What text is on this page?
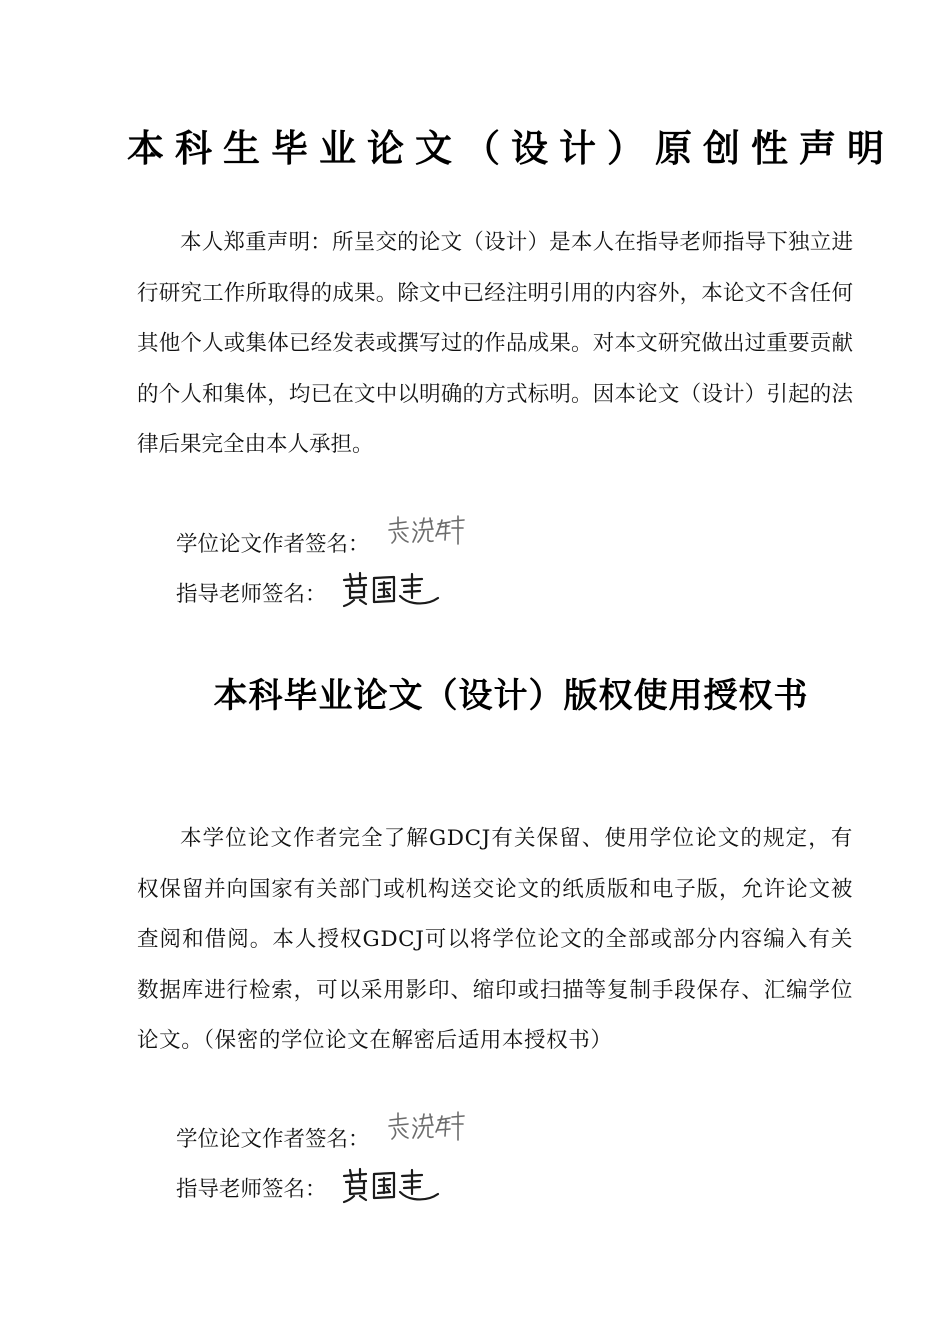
本科生毕业论文（设计）原创性声明

本人郑重声明：所呈交的论文（设计）是本人在指导老师指导下独立进行研究工作所取得的成果。除文中已经注明引用的内容外，本论文不含任何其他个人或集体已经发表或撰写过的作品成果。对本文研究做出过重要贡献的个人和集体，均已在文中以明确的方式标明。因本论文（设计）引起的法律后果完全由本人承担。

学位论文作者签名：
指导老师签名：
本科毕业论文（设计）版权使用授权书

本学位论文作者完全了解GDCJ有关保留、使用学位论文的规定，有权保留并向国家有关部门或机构送交论文的纸质版和电子版，允许论文被查阅和借阅。本人授权GDCJ可以将学位论文的全部或部分内容编入有关数据库进行检索，可以采用影印、缩印或扫描等复制手段保存、汇编学位论文。（保密的学位论文在解密后适用本授权书）

学位论文作者签名：
指导老师签名：
